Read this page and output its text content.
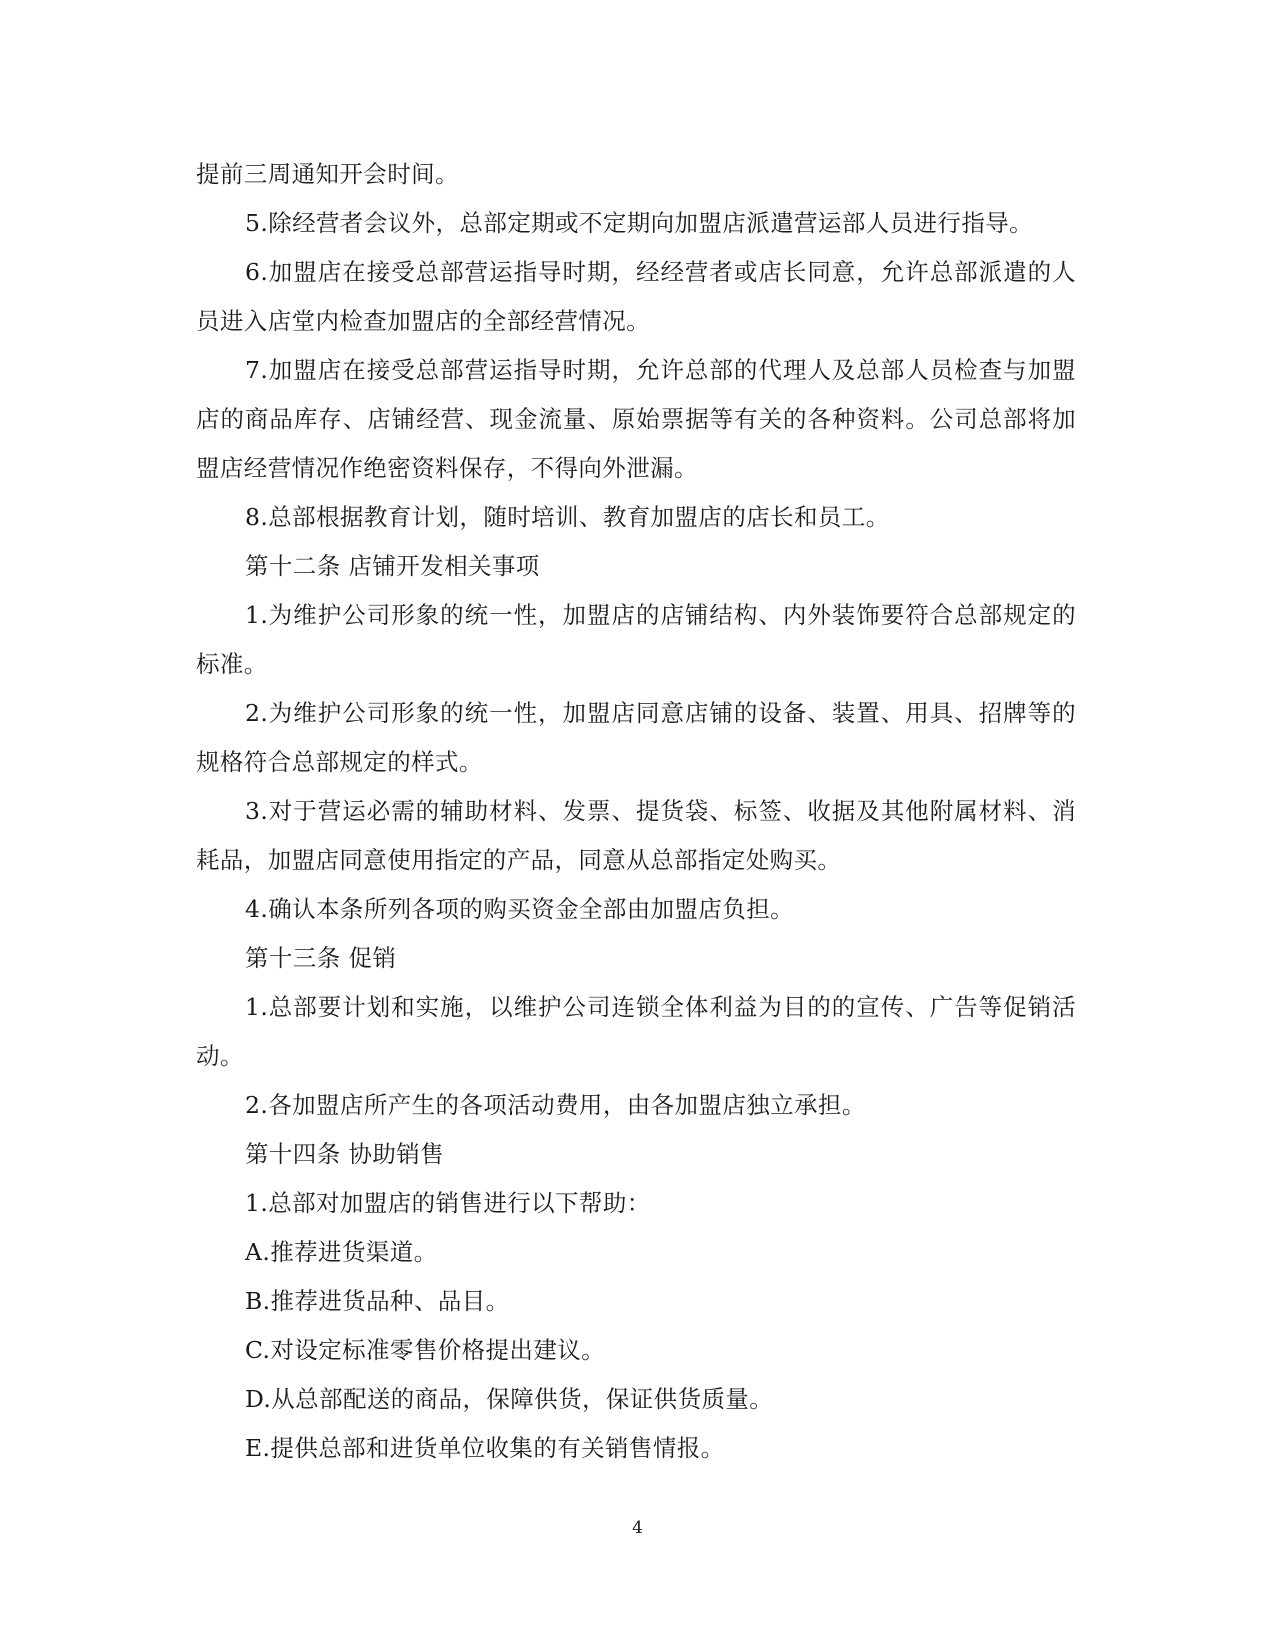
提前三周通知开会时间。

5.除经营者会议外，总部定期或不定期向加盟店派遣营运部人员进行指导。

6.加盟店在接受总部营运指导时期，经经营者或店长同意，允许总部派遣的人员进入店堂内检查加盟店的全部经营情况。

7.加盟店在接受总部营运指导时期，允许总部的代理人及总部人员检查与加盟店的商品库存、店铺经营、现金流量、原始票据等有关的各种资料。公司总部将加盟店经营情况作绝密资料保存，不得向外泄漏。

8.总部根据教育计划，随时培训、教育加盟店的店长和员工。

第十二条 店铺开发相关事项

1.为维护公司形象的统一性，加盟店的店铺结构、内外装饰要符合总部规定的标准。

2.为维护公司形象的统一性，加盟店同意店铺的设备、装置、用具、招牌等的规格符合总部规定的样式。

3.对于营运必需的辅助材料、发票、提货袋、标签、收据及其他附属材料、消耗品，加盟店同意使用指定的产品，同意从总部指定处购买。

4.确认本条所列各项的购买资金全部由加盟店负担。

第十三条 促销

1.总部要计划和实施，以维护公司连锁全体利益为目的的宣传、广告等促销活动。

2.各加盟店所产生的各项活动费用，由各加盟店独立承担。

第十四条 协助销售

1.总部对加盟店的销售进行以下帮助：

A.推荐进货渠道。

B.推荐进货品种、品目。

C.对设定标准零售价格提出建议。

D.从总部配送的商品，保障供货，保证供货质量。

E.提供总部和进货单位收集的有关销售情报。

4
